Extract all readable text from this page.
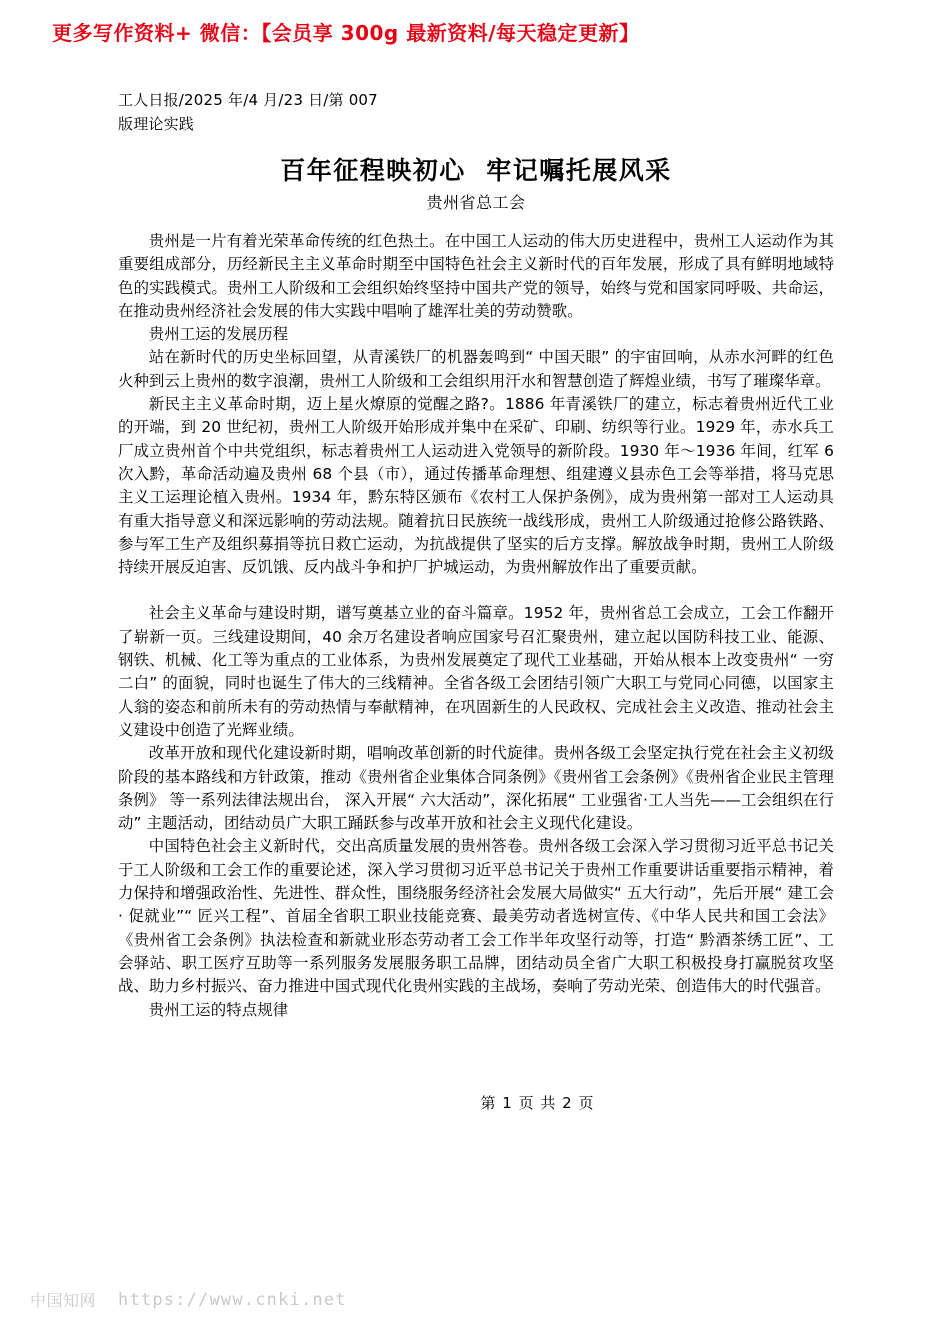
更多写作资料+ 微信：【会员享 300g 最新资料/每天稳定更新】
工人日报/2025 年/4 月/23 日/第 007
版理论实践
百年征程映初心  牢记嘱托展风采
贵州省总工会

贵州是一片有着光荣革命传统的红色热土。在中国工人运动的伟大历史进程中，贵州工人运动作为其重要组成部分，历经新民主主义革命时期至中国特色社会主义新时代的百年发展，形成了具有鲜明地域特色的实践模式。贵州工人阶级和工会组织始终坚持中国共产党的领导，始终与党和国家同呼吸、共命运，在推动贵州经济社会发展的伟大实践中唱响了雄浑壮美的劳动赞歌。

贵州工运的发展历程

站在新时代的历史坐标回望，从青溪铁厂的机器轰鸣到“ 中国天眼” 的宇宙回响，从赤水河畔的红色火种到云上贵州的数字浪潮，贵州工人阶级和工会组织用汗水和智慧创造了辉煌业绩，书写了璀璨华章。

新民主主义革命时期，迈上星火燎原的觉醒之路?。1886 年青溪铁厂的建立，标志着贵州近代工业的开端，到 20 世纪初，贵州工人阶级开始形成并集中在采矿、印刷、纺织等行业。1929 年，赤水兵工厂成立贵州首个中共党组织，标志着贵州工人运动进入党领导的新阶段。1930 年～1936 年间，红军 6 次入黔，革命活动遍及贵州 68 个县（市），通过传播革命理想、组建遵义县赤色工会等举措，将马克思主义工运理论植入贵州。1934 年，黔东特区颁布《农村工人保护条例》，成为贵州第一部对工人运动具有重大指导意义和深远影响的劳动法规。随着抗日民族统一战线形成，贵州工人阶级通过抢修公路铁路、参与军工生产及组织募捐等抗日救亡运动，为抗战提供了坚实的后方支撑。解放战争时期，贵州工人阶级持续开展反迫害、反饥饿、反内战斗争和护厂护城运动，为贵州解放作出了重要贡献。

社会主义革命与建设时期，谱写奠基立业的奋斗篇章。1952 年，贵州省总工会成立，工会工作翻开了崭新一页。三线建设期间，40 余万名建设者响应国家号召汇聚贵州，建立起以国防科技工业、能源、钢铁、机械、化工等为重点的工业体系，为贵州发展奠定了现代工业基础，开始从根本上改变贵州“ 一穷二白” 的面貌，同时也诞生了伟大的三线精神。全省各级工会团结引领广大职工与党同心同德，以国家主人翁的姿态和前所未有的劳动热情与奉献精神，在巩固新生的人民政权、完成社会主义改造、推动社会主义建设中创造了光辉业绩。

改革开放和现代化建设新时期，唱响改革创新的时代旋律。贵州各级工会坚定执行党在社会主义初级阶段的基本路线和方针政策，推动《贵州省企业集体合同条例》《贵州省工会条例》《贵州省企业民主管理条例》 等一系列法律法规出台， 深入开展“ 六大活动”，深化拓展“ 工业强省·工人当先——工会组织在行动” 主题活动，团结动员广大职工踊跃参与改革开放和社会主义现代化建设。

中国特色社会主义新时代，交出高质量发展的贵州答卷。贵州各级工会深入学习贯彻习近平总书记关于工人阶级和工会工作的重要论述，深入学习贯彻习近平总书记关于贵州工作重要讲话重要指示精神，着力保持和增强政治性、先进性、群众性，围绕服务经济社会发展大局做实“ 五大行动”，先后开展“ 建工会· 促就业”“ 匠兴工程”、首届全省职工职业技能竞赛、最美劳动者选树宣传、《中华人民共和国工会法》《贵州省工会条例》执法检查和新就业形态劳动者工会工作半年攻坚行动等，打造“ 黔酒茶绣工匠”、工会驿站、职工医疗互助等一系列服务发展服务职工品牌，团结动员全省广大职工积极投身打赢脱贫攻坚战、助力乡村振兴、奋力推进中国式现代化贵州实践的主战场，奏响了劳动光荣、创造伟大的时代强音。

贵州工运的特点规律

第 1 页 共 2 页
中国知网 https://www.cnki.net
